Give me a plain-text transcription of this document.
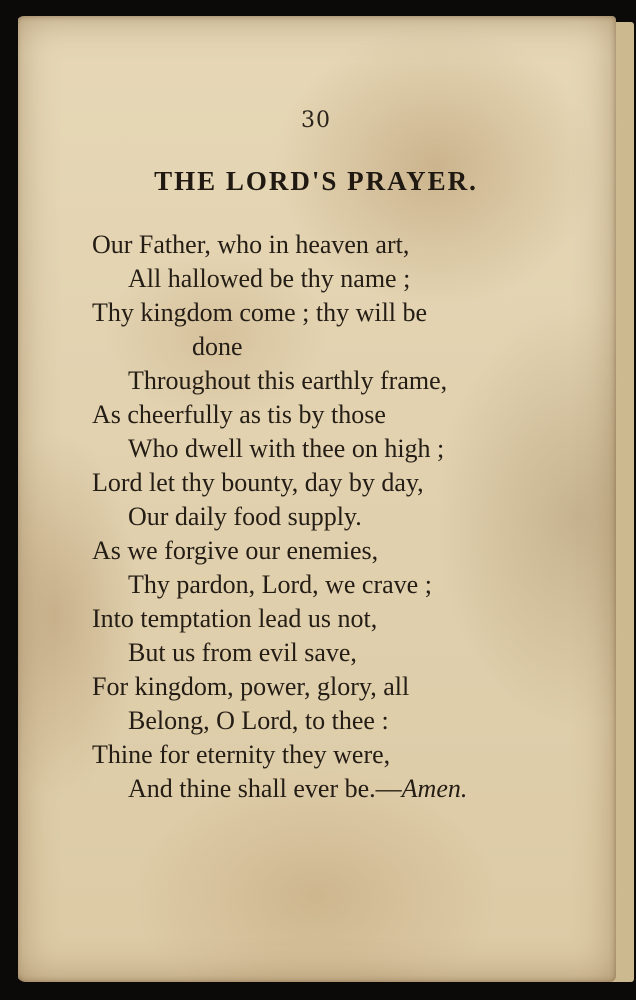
30
THE LORD'S PRAYER.
Our Father, who in heaven art,
All hallowed be thy name ;
Thy kingdom come ; thy will be
done
Throughout this earthly frame,
As cheerfully as tis by those
Who dwell with thee on high ;
Lord let thy bounty, day by day,
Our daily food supply.
As we forgive our enemies,
Thy pardon, Lord, we crave ;
Into temptation lead us not,
But us from evil save,
For kingdom, power, glory, all
Belong, O Lord, to thee :
Thine for eternity they were,
And thine shall ever be.—Amen.
